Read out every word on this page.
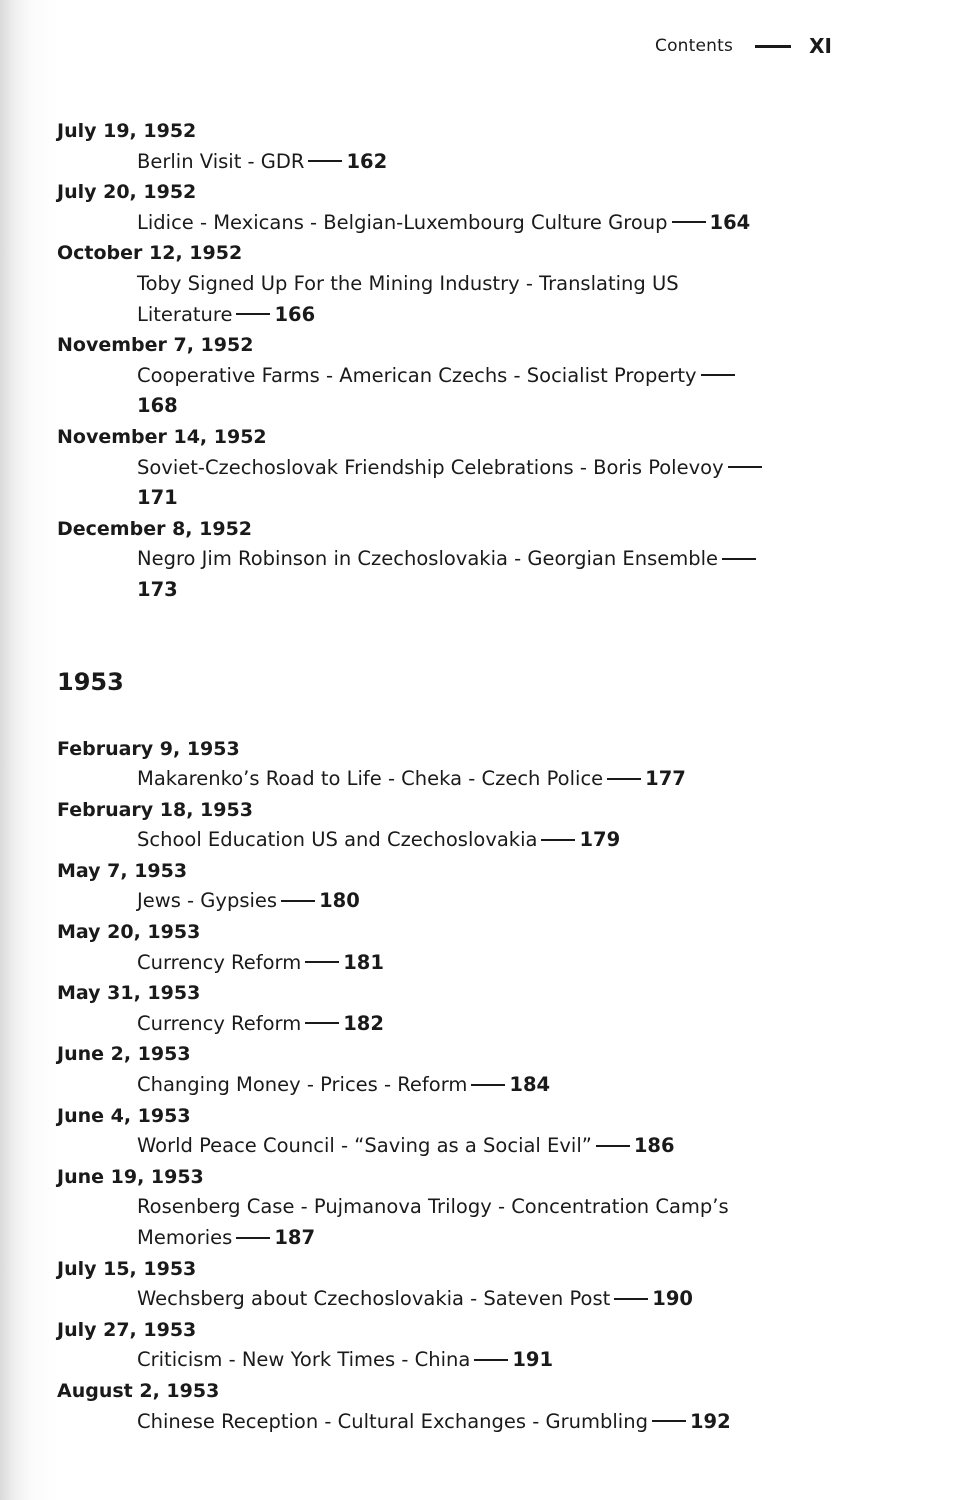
Contents	XI
July 19, 1952
Berlin Visit - GDR 162
July 20, 1952
Lidice - Mexicans - Belgian-Luxembourg Culture Group 164
October 12, 1952
Toby Signed Up For the Mining Industry - Translating US Literature 166
November 7, 1952
Cooperative Farms - American Czechs - Socialist Property168
November 14, 1952
Soviet-Czechoslovak Friendship Celebrations - Boris Polevoy171
December 8, 1952
Negro Jim Robinson in Czechoslovakia - Georgian Ensemble173
1953
February 9, 1953
Makarenko’s Road to Life - Cheka - Czech Police 177
February 18, 1953
School Education US and Czechoslovakia 179
May 7, 1953
Jews - Gypsies 180
May 20, 1953
Currency Reform 181
May 31, 1953
Currency Reform 182
June 2, 1953
Changing Money - Prices - Reform 184
June 4, 1953
World Peace Council - “Saving as a Social Evil” 186
June 19, 1953
Rosenberg Case - Pujmanova Trilogy - Concentration Camp’s Memories 187
July 15, 1953
Wechsberg about Czechoslovakia - Sateven Post 190
July 27, 1953
Criticism - New York Times - China 191
August 2, 1953
Chinese Reception - Cultural Exchanges - Grumbling 192
